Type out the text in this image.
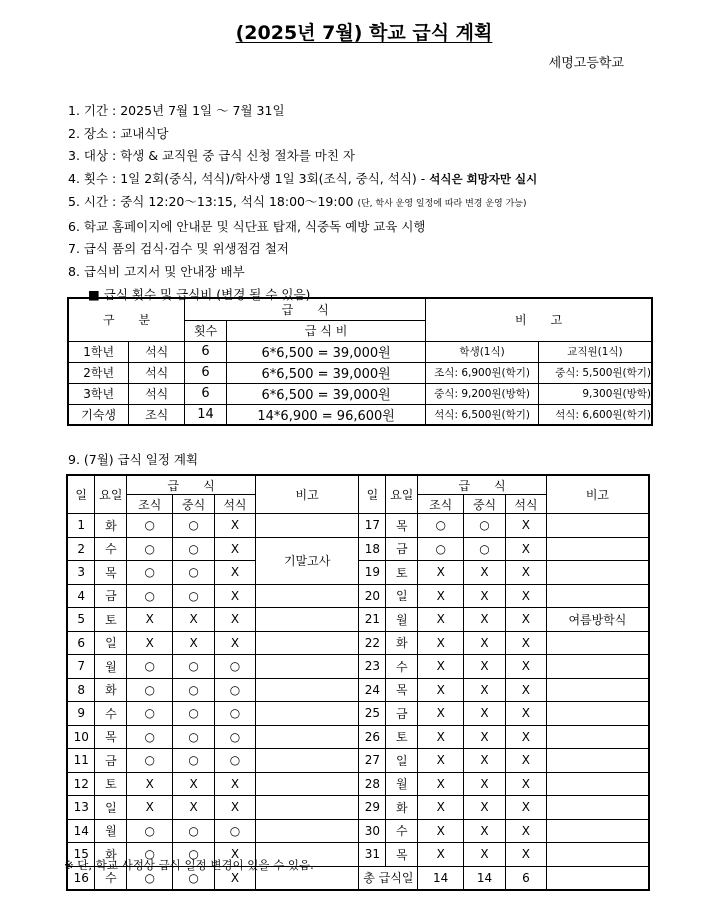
(2025년 7월) 학교 급식 계획
세명고등학교
1. 기간 : 2025년 7월 1일 ～ 7월 31일
2. 장소 : 교내식당
3. 대상 : 학생 & 교직원 중 급식 신청 절차를 마친 자
4. 횟수 : 1일 2회(중식, 석식)/학사생 1일 3회(조식, 중식, 석식) - 석식은 희망자만 실시
5. 시간 : 중식 12:20～13:15, 석식 18:00～19:00 (단, 학사 운영 일정에 따라 변경 운영 가능)
6. 학교 홈페이지에 안내문 및 식단표 탑재, 식중독 예방 교육 시행
7. 급식 품의 검식·검수 및 위생점검 철저
8. 급식비 고지서 및 안내장 배부
■ 급식 횟수 및 급식비 (변경 될 수 있음)
구　　분		급　　식		비　　고	
		횟수	급 식 비		
1학년	석식	6	6*6,500 = 39,000원	학생(1식)	교직원(1식)
2학년	석식	6	6*6,500 = 39,000원	조식: 6,900원(학기)	중식: 5,500원(학기)
3학년	석식	6	6*6,500 = 39,000원	중식: 9,200원(방학)	9,300원(방학)
기숙생	조식	14	14*6,900 = 96,600원	석식: 6,500원(학기)	석식: 6,600원(학기)
9. (7월) 급식 일정 계획
일	요일	급　　식			비고	일	요일	급　　식			비고
		조식	중식	석식				조식	중식	석식	
1	화	○	○	X		17	목	○	○	X	
2	수	○	○	X	기말고사	18	금	○	○	X	
3	목	○	○	X		19	토	X	X	X	
4	금	○	○	X		20	일	X	X	X	
5	토	X	X	X		21	월	X	X	X	여름방학식
6	일	X	X	X		22	화	X	X	X	
7	월	○	○	○		23	수	X	X	X	
8	화	○	○	○		24	목	X	X	X	
9	수	○	○	○		25	금	X	X	X	
10	목	○	○	○		26	토	X	X	X	
11	금	○	○	○		27	일	X	X	X	
12	토	X	X	X		28	월	X	X	X	
13	일	X	X	X		29	화	X	X	X	
14	월	○	○	○		30	수	X	X	X	
15	화	○	○	X		31	목	X	X	X	
16	수	○	○	X		총 급식일		14	14	6	
※ 단, 학교 사정상 급식 일정 변경이 있을 수 있음.
